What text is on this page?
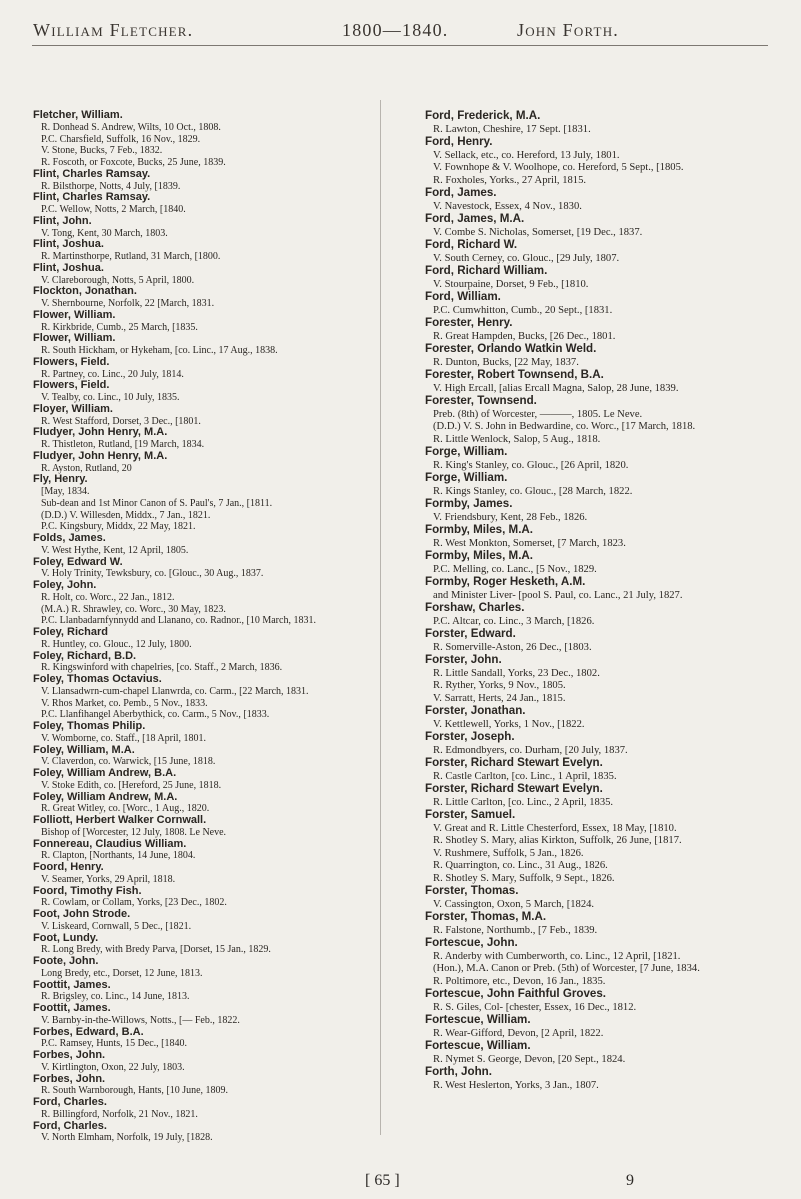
William Fletcher.	1800—1840.	John Forth.
Fletcher, William.
R. Donhead S. Andrew, Wilts, 10 Oct., 1808.
P.C. Charsfield, Suffolk, 16 Nov., 1829.
V. Stone, Bucks, 7 Feb., 1832.
R. Foscoth, or Foxcote, Bucks, 25 June, 1839.
Flint, Charles Ramsay.
R. Bilsthorpe, Notts, 4 July, [1839.
Flint, Charles Ramsay.
P.C. Wellow, Notts, 2 March, [1840.
Flint, John.
V. Tong, Kent, 30 March, 1803.
Flint, Joshua.
R. Martinsthorpe, Rutland, 31 March, [1800.
Flint, Joshua.
V. Clareborough, Notts, 5 April, 1800.
Flockton, Jonathan.
V. Shernbourne, Norfolk, 22 [March, 1831.
Flower, William.
R. Kirkbride, Cumb., 25 March, [1835.
Flower, William.
R. South Hickham, or Hykeham, [co. Linc., 17 Aug., 1838.
Flowers, Field.
R. Partney, co. Linc., 20 July, 1814.
Flowers, Field.
V. Tealby, co. Linc., 10 July, 1835.
Floyer, William.
R. West Stafford, Dorset, 3 Dec., [1801.
Fludyer, John Henry, M.A.
R. Thistleton, Rutland, [19 March, 1834.
Fludyer, John Henry, M.A.
R. Ayston, Rutland, 20
Fly, Henry.
[May, 1834.
Sub-dean and 1st Minor Canon of S. Paul's, 7 Jan., [1811.
(D.D.) V. Willesden, Middx., 7 Jan., 1821.
P.C. Kingsbury, Middx, 22 May, 1821.
Folds, James.
V. West Hythe, Kent, 12 April, 1805.
Foley, Edward W.
V. Holy Trinity, Tewksbury, co. [Glouc., 30 Aug., 1837.
Foley, John.
R. Holt, co. Worc., 22 Jan., 1812.
(M.A.) R. Shrawley, co. Worc., 30 May, 1823.
P.C. Llanbadarnfynnydd and Llanano, co. Radnor., [10 March, 1831.
Foley, Richard
R. Huntley, co. Glouc., 12 July, 1800.
Foley, Richard, B.D.
R. Kingswinford with chapelries, [co. Staff., 2 March, 1836.
Foley, Thomas Octavius.
V. Llansadwrn-cum-chapel Llanwrda, co. Carm., [22 March, 1831.
V. Rhos Market, co. Pemb., 5 Nov., 1833.
P.C. Llanfihangel Aberbythick, co. Carm., 5 Nov., [1833.
Foley, Thomas Philip.
V. Womborne, co. Staff., [18 April, 1801.
Foley, William, M.A.
V. Claverdon, co. Warwick, [15 June, 1818.
Foley, William Andrew, B.A.
V. Stoke Edith, co. [Hereford, 25 June, 1818.
Foley, William Andrew, M.A.
R. Great Witley, co. [Worc., 1 Aug., 1820.
Folliott, Herbert Walker Cornwall.
Bishop of [Worcester, 12 July, 1808. Le Neve.
Fonnereau, Claudius William.
R. Clapton, [Northants, 14 June, 1804.
Foord, Henry.
V. Seamer, Yorks, 29 April, 1818.
Foord, Timothy Fish.
R. Cowlam, or Collam, Yorks, [23 Dec., 1802.
Foot, John Strode.
V. Liskeard, Cornwall, 5 Dec., [1821.
Foot, Lundy.
R. Long Bredy, with Bredy Parva, [Dorset, 15 Jan., 1829.
Foote, John.
Long Bredy, etc., Dorset, 12 June, 1813.
Foottit, James.
R. Brigsley, co. Linc., 14 June, 1813.
Foottit, James.
V. Barnby-in-the-Willows, Notts., [— Feb., 1822.
Forbes, Edward, B.A.
P.C. Ramsey, Hunts, 15 Dec., [1840.
Forbes, John.
V. Kirtlington, Oxon, 22 July, 1803.
Forbes, John.
R. South Warnborough, Hants, [10 June, 1809.
Ford, Charles.
R. Billingford, Norfolk, 21 Nov., 1821.
Ford, Charles.
V. North Elmham, Norfolk, 19 July, [1828.
Ford, Frederick, M.A.
R. Lawton, Cheshire, 17 Sept. [1831.
Ford, Henry.
V. Sellack, etc., co. Hereford, 13 July, 1801.
V. Fownhope & V. Woolhope, co. Hereford, 5 Sept., [1805.
R. Foxholes, Yorks., 27 April, 1815.
Ford, James.
V. Navestock, Essex, 4 Nov., 1830.
Ford, James, M.A.
V. Combe S. Nicholas, Somerset, [19 Dec., 1837.
Ford, Richard W.
V. South Cerney, co. Glouc., [29 July, 1807.
Ford, Richard William.
V. Stourpaine, Dorset, 9 Feb., [1810.
Ford, William.
P.C. Cumwhitton, Cumb., 20 Sept., [1831.
Forester, Henry.
R. Great Hampden, Bucks, [26 Dec., 1801.
Forester, Orlando Watkin Weld.
R. Dunton, Bucks, [22 May, 1837.
Forester, Robert Townsend, B.A.
V. High Ercall, [alias Ercall Magna, Salop, 28 June, 1839.
Forester, Townsend.
Preb. (8th) of Worcester, ———, 1805. Le Neve.
(D.D.) V. S. John in Bedwardine, co. Worc., [17 March, 1818.
R. Little Wenlock, Salop, 5 Aug., 1818.
Forge, William.
R. King's Stanley, co. Glouc., [26 April, 1820.
Forge, William.
R. Kings Stanley, co. Glouc., [28 March, 1822.
Formby, James.
V. Friendsbury, Kent, 28 Feb., 1826.
Formby, Miles, M.A.
R. West Monkton, Somerset, [7 March, 1823.
Formby, Miles, M.A.
P.C. Melling, co. Lanc., [5 Nov., 1829.
Formby, Roger Hesketh, A.M.
and Minister Liver- [pool S. Paul, co. Lanc., 21 July, 1827.
Forshaw, Charles.
P.C. Altcar, co. Linc., 3 March, [1826.
Forster, Edward.
R. Somerville-Aston, 26 Dec., [1803.
Forster, John.
R. Little Sandall, Yorks, 23 Dec., 1802.
R. Ryther, Yorks, 9 Nov., 1805.
V. Sarratt, Herts, 24 Jan., 1815.
Forster, Jonathan.
V. Kettlewell, Yorks, 1 Nov., [1822.
Forster, Joseph.
R. Edmondbyers, co. Durham, [20 July, 1837.
Forster, Richard Stewart Evelyn.
R. Castle Carlton, [co. Linc., 1 April, 1835.
Forster, Richard Stewart Evelyn.
R. Little Carlton, [co. Linc., 2 April, 1835.
Forster, Samuel.
V. Great and R. Little Chesterford, Essex, 18 May, [1810.
R. Shotley S. Mary, alias Kirkton, Suffolk, 26 June, [1817.
V. Rushmere, Suffolk, 5 Jan., 1826.
R. Quarrington, co. Linc., 31 Aug., 1826.
R. Shotley S. Mary, Suffolk, 9 Sept., 1826.
Forster, Thomas.
V. Cassington, Oxon, 5 March, [1824.
Forster, Thomas, M.A.
R. Falstone, Northumb., [7 Feb., 1839.
Fortescue, John.
R. Anderby with Cumberworth, co. Linc., 12 April, [1821.
(Hon.), M.A. Canon or Preb. (5th) of Worcester, [7 June, 1834.
R. Poltimore, etc., Devon, 16 Jan., 1835.
Fortescue, John Faithful Groves.
R. S. Giles, Col- [chester, Essex, 16 Dec., 1812.
Fortescue, William.
R. Wear-Gifford, Devon, [2 April, 1822.
Fortescue, William.
R. Nymet S. George, Devon, [20 Sept., 1824.
Forth, John.
R. West Heslerton, Yorks, 3 Jan., 1807.
[ 65 ]	9
